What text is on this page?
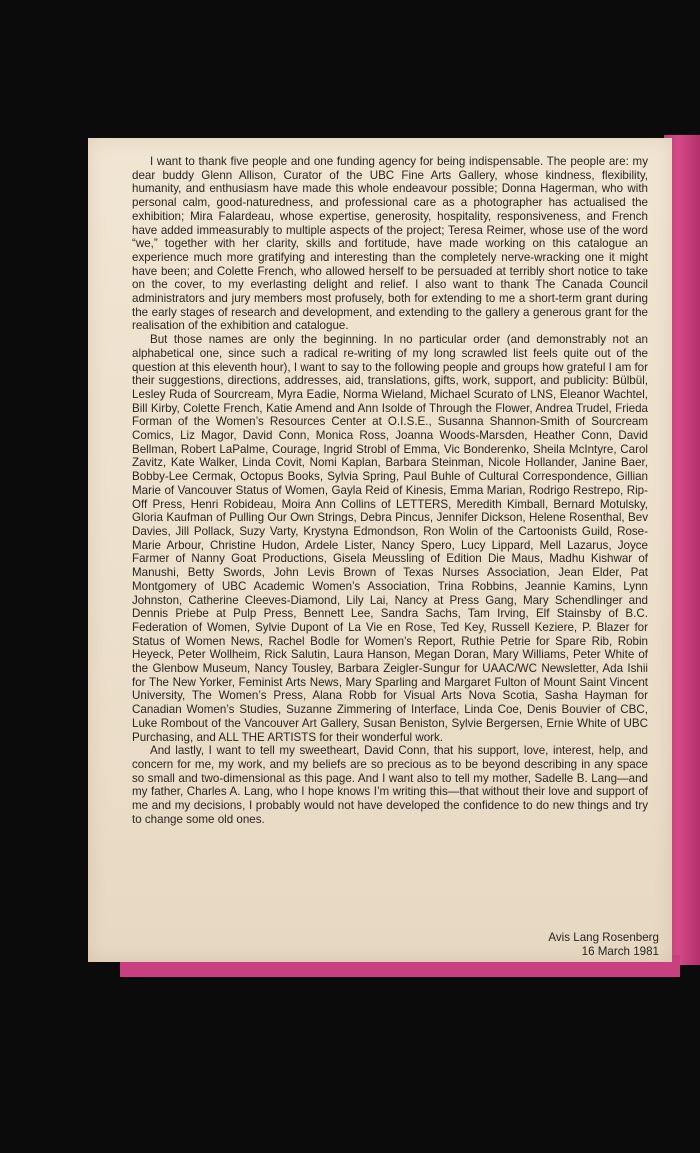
I want to thank five people and one funding agency for being indispensable. The people are: my dear buddy Glenn Allison, Curator of the UBC Fine Arts Gallery, whose kindness, flexibility, humanity, and enthusiasm have made this whole endeavour possible; Donna Hagerman, who with personal calm, good-naturedness, and professional care as a photographer has actualised the exhibition; Mira Falardeau, whose expertise, generosity, hospitality, responsiveness, and French have added immeasurably to multiple aspects of the project; Teresa Reimer, whose use of the word “we,” together with her clarity, skills and fortitude, have made working on this catalogue an experience much more gratifying and interesting than the completely nerve-wracking one it might have been; and Colette French, who allowed herself to be persuaded at terribly short notice to take on the cover, to my everlasting delight and relief. I also want to thank The Canada Council administrators and jury members most profusely, both for extending to me a short-term grant during the early stages of research and development, and extending to the gallery a generous grant for the realisation of the exhibition and catalogue.

But those names are only the beginning. In no particular order (and demonstrably not an alphabetical one, since such a radical re-writing of my long scrawled list feels quite out of the question at this eleventh hour), I want to say to the following people and groups how grateful I am for their suggestions, directions, addresses, aid, translations, gifts, work, support, and publicity: Bülbül, Lesley Ruda of Sourcream, Myra Eadie, Norma Wieland, Michael Scurato of LNS, Eleanor Wachtel, Bill Kirby, Colette French, Katie Amend and Ann Isolde of Through the Flower, Andrea Trudel, Frieda Forman of the Women’s Resources Center at O.I.S.E., Susanna Shannon-Smith of Sourcream Comics, Liz Magor, David Conn, Monica Ross, Joanna Woods-Marsden, Heather Conn, David Bellman, Robert LaPalme, Courage, Ingrid Strobl of Emma, Vic Bonderenko, Sheila McIntyre, Carol Zavitz, Kate Walker, Linda Covit, Nomi Kaplan, Barbara Steinman, Nicole Hollander, Janine Baer, Bobby-Lee Cermak, Octopus Books, Sylvia Spring, Paul Buhle of Cultural Correspondence, Gillian Marie of Vancouver Status of Women, Gayla Reid of Kinesis, Emma Marian, Rodrigo Restrepo, Rip-Off Press, Henri Robideau, Moira Ann Collins of LETTERS, Meredith Kimball, Bernard Motulsky, Gloria Kaufman of Pulling Our Own Strings, Debra Pincus, Jennifer Dickson, Helene Rosenthal, Bev Davies, Jill Pollack, Suzy Varty, Krystyna Edmondson, Ron Wolin of the Cartoonists Guild, Rose-Marie Arbour, Christine Hudon, Ardele Lister, Nancy Spero, Lucy Lippard, Mell Lazarus, Joyce Farmer of Nanny Goat Productions, Gisela Meussling of Edition Die Maus, Madhu Kishwar of Manushi, Betty Swords, John Levis Brown of Texas Nurses Association, Jean Elder, Pat Montgomery of UBC Academic Women’s Association, Trina Robbins, Jeannie Kamins, Lynn Johnston, Catherine Cleeves-Diamond, Lily Lai, Nancy at Press Gang, Mary Schendlinger and Dennis Priebe at Pulp Press, Bennett Lee, Sandra Sachs, Tam Irving, Elf Stainsby of B.C. Federation of Women, Sylvie Dupont of La Vie en Rose, Ted Key, Russell Keziere, P. Blazer for Status of Women News, Rachel Bodle for Women’s Report, Ruthie Petrie for Spare Rib, Robin Heyeck, Peter Wollheim, Rick Salutin, Laura Hanson, Megan Doran, Mary Williams, Peter White of the Glenbow Museum, Nancy Tousley, Barbara Zeigler-Sungur for UAAC/WC Newsletter, Ada Ishii for The New Yorker, Feminist Arts News, Mary Sparling and Margaret Fulton of Mount Saint Vincent University, The Women’s Press, Alana Robb for Visual Arts Nova Scotia, Sasha Hayman for Canadian Women’s Studies, Suzanne Zimmering of Interface, Linda Coe, Denis Bouvier of CBC, Luke Rombout of the Vancouver Art Gallery, Susan Beniston, Sylvie Bergersen, Ernie White of UBC Purchasing, and ALL THE ARTISTS for their wonderful work.

And lastly, I want to tell my sweetheart, David Conn, that his support, love, interest, help, and concern for me, my work, and my beliefs are so precious as to be beyond describing in any space so small and two-dimensional as this page. And I want also to tell my mother, Sadelle B. Lang—and my father, Charles A. Lang, who I hope knows I’m writing this—that without their love and support of me and my decisions, I probably would not have developed the confidence to do new things and try to change some old ones.

Avis Lang Rosenberg
16 March 1981
